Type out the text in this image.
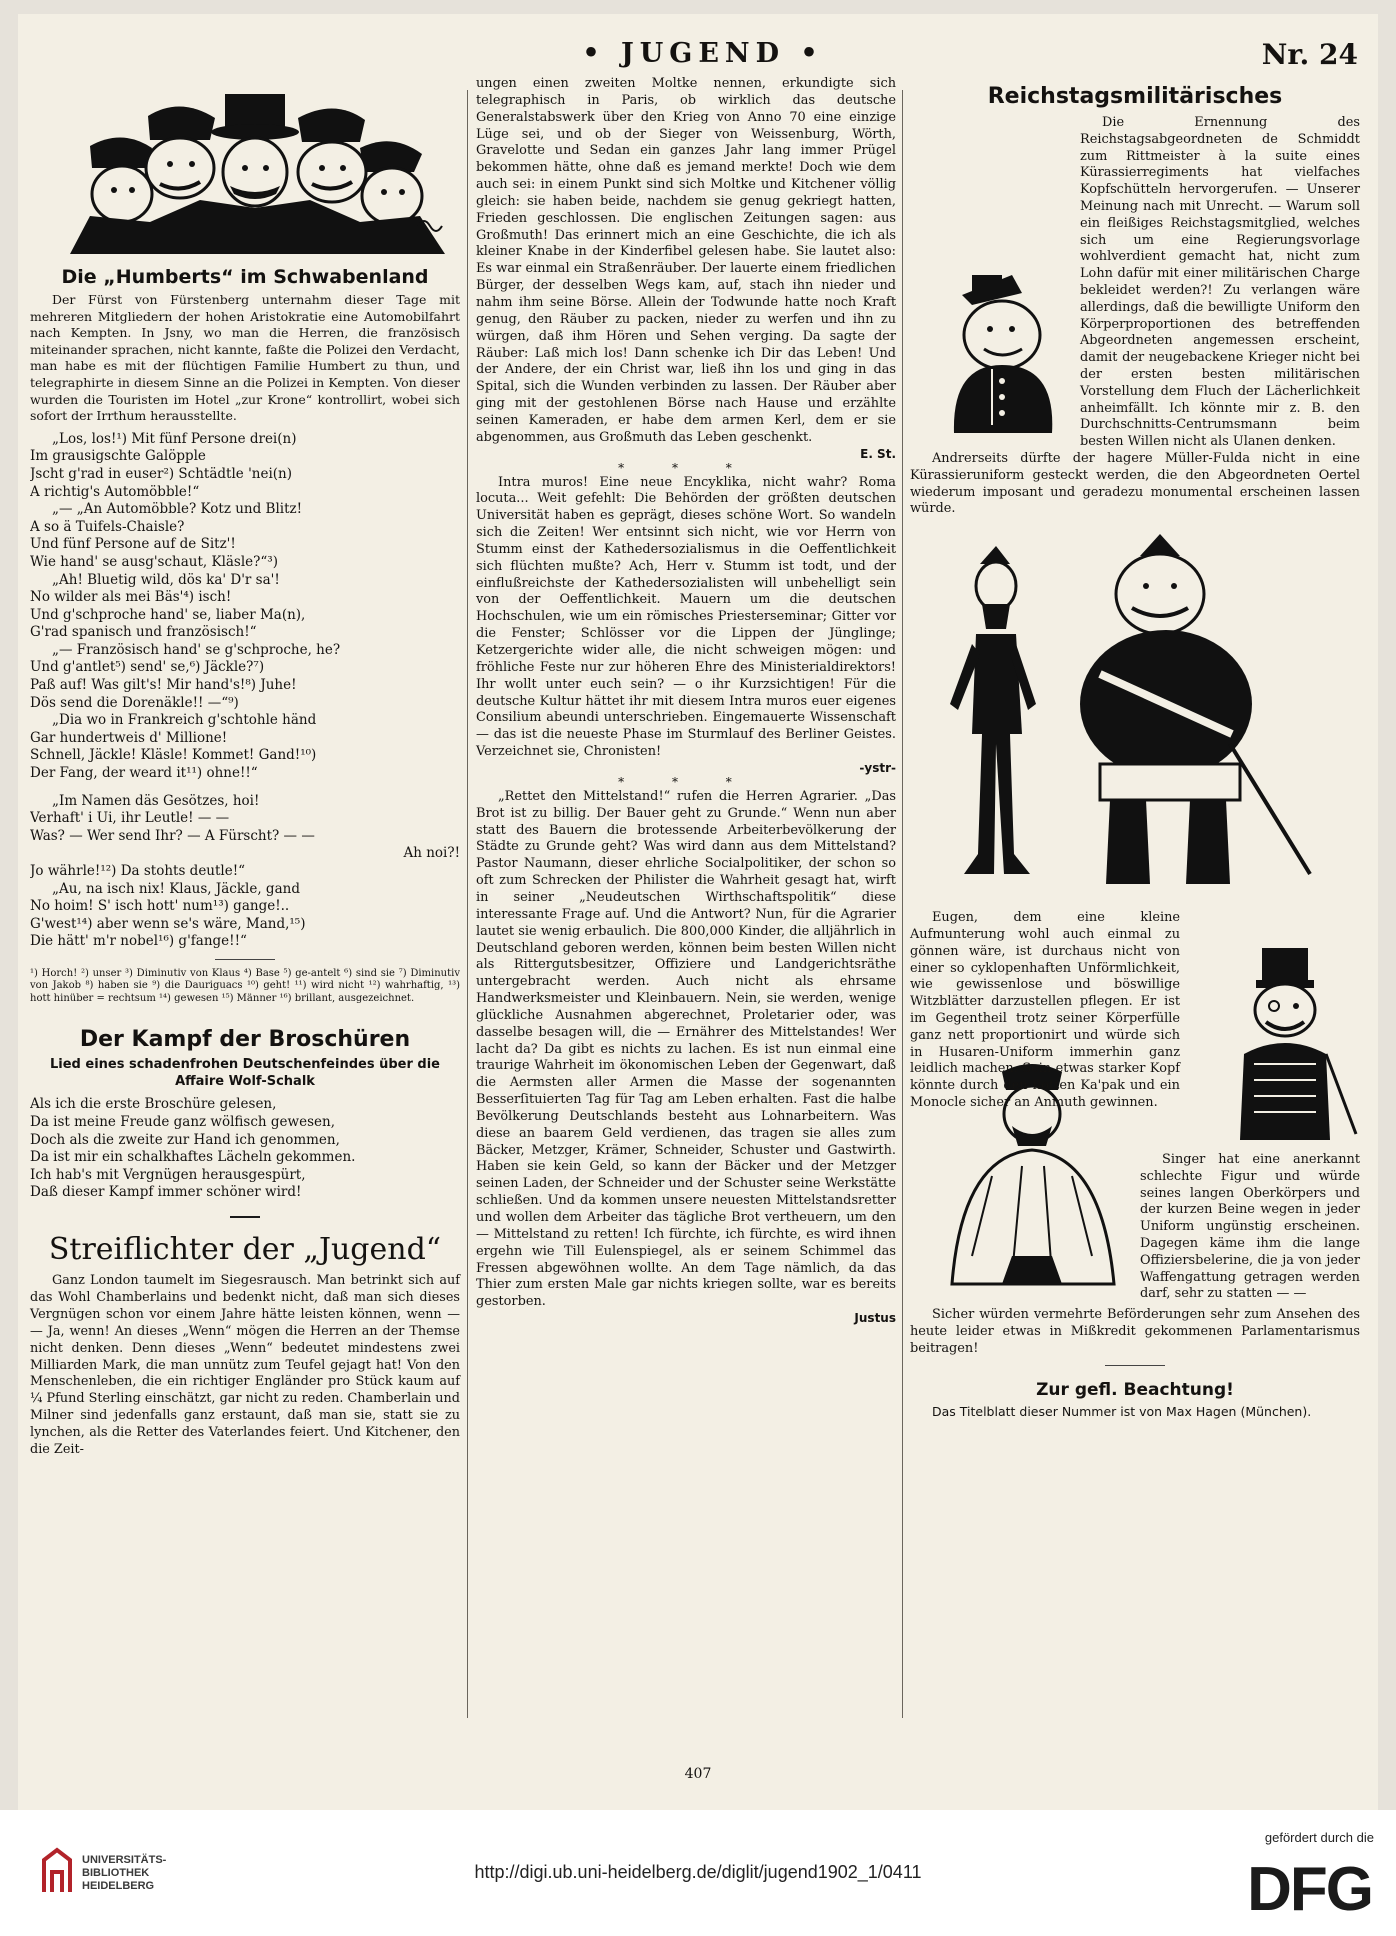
• JUGEND •	Nr. 24
Die „Humberts“ im Schwabenland

Der Fürst von Fürstenberg unternahm dieser Tage mit mehreren Mitgliedern der hohen Aristokratie eine Automobilfahrt nach Kempten. In Jsny, wo man die Herren, die französisch miteinander sprachen, nicht kannte, faßte die Polizei den Verdacht, man habe es mit der flüchtigen Familie Humbert zu thun, und telegraphirte in diesem Sinne an die Polizei in Kempten. Von dieser wurden die Touristen im Hotel „zur Krone“ kontrollirt, wobei sich sofort der Irrthum herausstellte.

„Los, los!¹) Mit fünf Persone drei(n)
Im grausigschte Galöpple
Jscht g'rad in euser²) Schtädtle 'nei(n)
A richtig's Automöbble!“
„— „An Automöbble? Kotz und Blitz!
A so ä Tuifels-Chaisle?
Und fünf Persone auf de Sitz'!
Wie hand' se ausg'schaut, Kläsle?“³)
„Ah! Bluetig wild, dös ka' D'r sa'!
No wilder als mei Bäs'⁴) isch!
Und g'schproche hand' se, liaber Ma(n),
G'rad spanisch und französisch!“
„— Französisch hand' se g'schproche, he?
Und g'antlet⁵) send' se,⁶) Jäckle?⁷)
Paß auf! Was gilt's! Mir hand's!⁸) Juhe!
Dös send die Dorenäkle!! —“⁹)
„Dia wo in Frankreich g'schtohle händ
Gar hundertweis d' Millione!
Schnell, Jäckle! Kläsle! Kommet! Gand!¹⁰)
Der Fang, der weard it¹¹) ohne!!“
„Im Namen däs Gesötzes, hoi!
Verhaft' i Ui, ihr Leutle! — —
Was? — Wer send Ihr? — A Fürscht? — —
Ah noi?!
Jo währle!¹²) Da stohts deutle!“
„Au, na isch nix! Klaus, Jäckle, gand
No hoim! S' isch hott' num¹³) gange!..
G'west¹⁴) aber wenn se's wäre, Mand,¹⁵)
Die hätt' m'r nobel¹⁶) g'fange!!“

¹) Horch! ²) unser ³) Diminutiv von Klaus ⁴) Base ⁵) ge-antelt ⁶) sind sie ⁷) Diminutiv von Jakob ⁸) haben sie ⁹) die Dauriguacs ¹⁰) geht! ¹¹) wird nicht ¹²) wahrhaftig, ¹³) hott hinüber = rechtsum ¹⁴) gewesen ¹⁵) Männer ¹⁶) brillant, ausgezeichnet.

Der Kampf der Broschüren
Lied eines schadenfrohen Deutschenfeindes über die Affaire Wolf-Schalk
Als ich die erste Broschüre gelesen,
Da ist meine Freude ganz wölfisch gewesen,
Doch als die zweite zur Hand ich genommen,
Da ist mir ein schalkhaftes Lächeln gekommen.
Ich hab's mit Vergnügen herausgespürt,
Daß dieser Kampf immer schöner wird!
Streiflichter der „Jugend“

Ganz London taumelt im Siegesrausch. Man betrinkt sich auf das Wohl Chamberlains und bedenkt nicht, daß man sich dieses Vergnügen schon vor einem Jahre hätte leisten können, wenn — — Ja, wenn! An dieses „Wenn“ mögen die Herren an der Themse nicht denken. Denn dieses „Wenn“ bedeutet mindestens zwei Milliarden Mark, die man unnütz zum Teufel gejagt hat! Von den Menschenleben, die ein richtiger Engländer pro Stück kaum auf ¼ Pfund Sterling einschätzt, gar nicht zu reden. Chamberlain und Milner sind jedenfalls ganz erstaunt, daß man sie, statt sie zu lynchen, als die Retter des Vaterlandes feiert. Und Kitchener, den die Zeit-

ungen einen zweiten Moltke nennen, erkundigte sich telegraphisch in Paris, ob wirklich das deutsche Generalstabswerk über den Krieg von Anno 70 eine einzige Lüge sei, und ob der Sieger von Weissenburg, Wörth, Gravelotte und Sedan ein ganzes Jahr lang immer Prügel bekommen hätte, ohne daß es jemand merkte! Doch wie dem auch sei: in einem Punkt sind sich Moltke und Kitchener völlig gleich: sie haben beide, nachdem sie genug gekriegt hatten, Frieden geschlossen. Die englischen Zeitungen sagen: aus Großmuth! Das erinnert mich an eine Geschichte, die ich als kleiner Knabe in der Kinderfibel gelesen habe. Sie lautet also: Es war einmal ein Straßenräuber. Der lauerte einem friedlichen Bürger, der desselben Wegs kam, auf, stach ihn nieder und nahm ihm seine Börse. Allein der Todwunde hatte noch Kraft genug, den Räuber zu packen, nieder zu werfen und ihn zu würgen, daß ihm Hören und Sehen verging. Da sagte der Räuber: Laß mich los! Dann schenke ich Dir das Leben! Und der Andere, der ein Christ war, ließ ihn los und ging in das Spital, sich die Wunden verbinden zu lassen. Der Räuber aber ging mit der gestohlenen Börse nach Hause und erzählte seinen Kameraden, er habe dem armen Kerl, dem er sie abgenommen, aus Großmuth das Leben geschenkt.

E. St.
* * *

Intra muros! Eine neue Encyklika, nicht wahr? Roma locuta... Weit gefehlt: Die Behörden der größten deutschen Universität haben es geprägt, dieses schöne Wort. So wandeln sich die Zeiten! Wer entsinnt sich nicht, wie vor Herrn von Stumm einst der Kathedersozialismus in die Oeffentlichkeit sich flüchten mußte? Ach, Herr v. Stumm ist todt, und der einflußreichste der Kathedersozialisten will unbehelligt sein von der Oeffentlichkeit. Mauern um die deutschen Hochschulen, wie um ein römisches Priesterseminar; Gitter vor die Fenster; Schlösser vor die Lippen der Jünglinge; Ketzergerichte wider alle, die nicht schweigen mögen: und fröhliche Feste nur zur höheren Ehre des Ministerialdirektors! Ihr wollt unter euch sein? — o ihr Kurzsichtigen! Für die deutsche Kultur hättet ihr mit diesem Intra muros euer eigenes Consilium abeundi unterschrieben. Eingemauerte Wissenschaft — das ist die neueste Phase im Sturmlauf des Berliner Geistes. Verzeichnet sie, Chronisten!

-ystr-
* * *

„Rettet den Mittelstand!“ rufen die Herren Agrarier. „Das Brot ist zu billig. Der Bauer geht zu Grunde.“ Wenn nun aber statt des Bauern die brotessende Arbeiterbevölkerung der Städte zu Grunde geht? Was wird dann aus dem Mittelstand? Pastor Naumann, dieser ehrliche Socialpolitiker, der schon so oft zum Schrecken der Philister die Wahrheit gesagt hat, wirft in seiner „Neudeutschen Wirthschaftspolitik“ diese interessante Frage auf. Und die Antwort? Nun, für die Agrarier lautet sie wenig erbaulich. Die 800,000 Kinder, die alljährlich in Deutschland geboren werden, können beim besten Willen nicht als Rittergutsbesitzer, Offiziere und Landgerichtsräthe untergebracht werden. Auch nicht als ehrsame Handwerksmeister und Kleinbauern. Nein, sie werden, wenige glückliche Ausnahmen abgerechnet, Proletarier oder, was dasselbe besagen will, die — Ernährer des Mittelstandes! Wer lacht da? Da gibt es nichts zu lachen. Es ist nun einmal eine traurige Wahrheit im ökonomischen Leben der Gegenwart, daß die Aermsten aller Armen die Masse der sogenannten Besserſituierten Tag für Tag am Leben erhalten. Fast die halbe Bevölkerung Deutschlands besteht aus Lohnarbeitern. Was diese an baarem Geld verdienen, das tragen sie alles zum Bäcker, Metzger, Krämer, Schneider, Schuster und Gastwirth. Haben sie kein Geld, so kann der Bäcker und der Metzger seinen Laden, der Schneider und der Schuster seine Werkstätte schließen. Und da kommen unsere neuesten Mittelstandsretter und wollen dem Arbeiter das tägliche Brot vertheuern, um den — Mittelstand zu retten! Ich fürchte, ich fürchte, es wird ihnen ergehn wie Till Eulenspiegel, als er seinem Schimmel das Fressen abgewöhnen wollte. An dem Tage nämlich, da das Thier zum ersten Male gar nichts kriegen sollte, war es bereits gestorben.

Justus
Reichstagsmilitärisches

Die Ernennung des Reichstagsabgeordneten de Schmiddt zum Rittmeister à la suite eines Kürassierregiments hat vielfaches Kopfschütteln hervorgerufen. — Unserer Meinung nach mit Unrecht. — Warum soll ein fleißiges Reichstagsmitglied, welches sich um eine Regierungsvorlage wohlverdient gemacht hat, nicht zum Lohn dafür mit einer militärischen Charge bekleidet werden?! Zu verlangen wäre allerdings, daß die bewilligte Uniform den Körperproportionen des betreffenden Abgeordneten angemessen erscheint, damit der neugebackene Krieger nicht bei der ersten besten militärischen Vorstellung dem Fluch der Lächerlichkeit anheimfällt. Ich könnte mir z. B. den Durchschnitts-Centrumsmann beim besten Willen nicht als Ulanen denken.

Andrerseits dürfte der hagere Müller-Fulda nicht in eine Kürassieruniform gesteckt werden, die den Abgeordneten Oertel wiederum imposant und geradezu monumental erscheinen lassen würde.

Eugen, dem eine kleine Aufmunterung wohl auch einmal zu gönnen wäre, ist durchaus nicht von einer so cyklopenhaften Unförmlichkeit, wie gewissenlose und böswillige Witzblätter darzustellen pflegen. Er ist im Gegentheil trotz seiner Körperfülle ganz nett proportionirt und würde sich in Husaren-Uniform immerhin ganz leidlich machen. Sein etwas starker Kopf könnte durch den flotten Ka'pak und ein Monocle sicher an Anmuth gewinnen.

Singer hat eine anerkannt schlechte Figur und würde seines langen Oberkörpers und der kurzen Beine wegen in jeder Uniform ungünstig erscheinen. Dagegen käme ihm die lange Offiziersbelerine, die ja von jeder Waffengattung getragen werden darf, sehr zu statten — —

Sicher würden vermehrte Beförderungen sehr zum Ansehen des heute leider etwas in Mißkredit gekommenen Parlamentarismus beitragen!

Zur gefl. Beachtung!

Das Titelblatt dieser Nummer ist von Max Hagen (München).

407
UNIVERSITÄTS-
BIBLIOTHEK
HEIDELBERG
http://digi.ub.uni-heidelberg.de/diglit/jugend1902_1/0411
gefördert durch die
DFG
